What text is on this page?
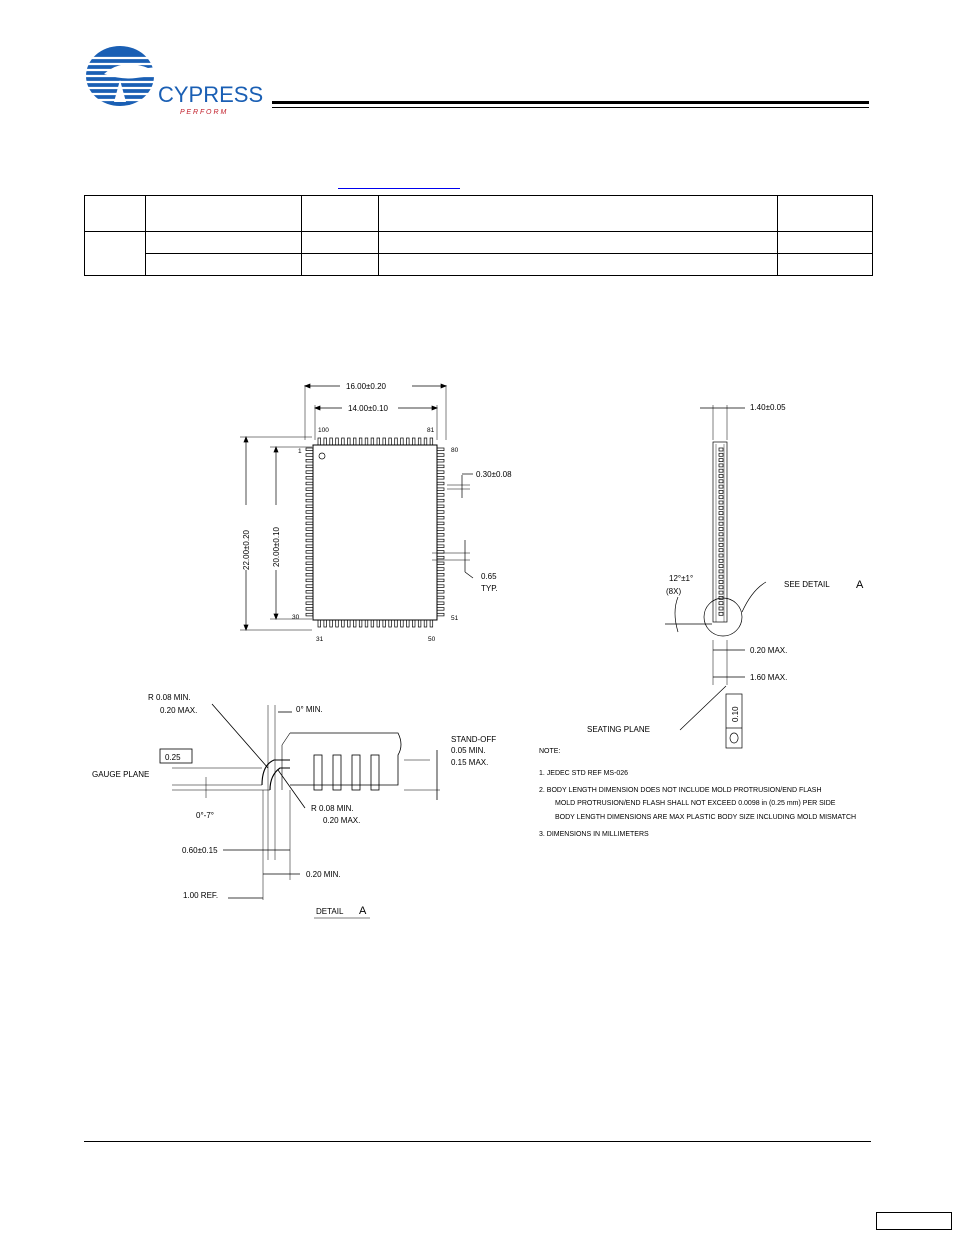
CYPRESS
P E R F O R M

16.00±0.20
14.00±0.10
22.00±0.20	20.00±0.10
0.30±0.08
0.65
TYP.
100	81
1	80
30	51
31	50
1.40±0.05
12°±1°
(8X)
SEE DETAIL A
0.20 MAX.
1.60 MAX.
SEATING PLANE
0.10
R 0.08 MIN.
0.20 MAX.	0° MIN.
STAND-OFF
0.05 MIN.
0.15 MAX.
0.25
GAUGE PLANE
0°-7°
R 0.08 MIN.
0.20 MAX.
0.60±0.15
0.20 MIN.
1.00 REF.
DETAIL A
NOTE:
1. JEDEC STD REF MS-026
2. BODY LENGTH DIMENSION DOES NOT INCLUDE MOLD PROTRUSION/END FLASH
MOLD PROTRUSION/END FLASH SHALL NOT EXCEED 0.0098 in (0.25 mm) PER SIDE
BODY LENGTH DIMENSIONS ARE MAX PLASTIC BODY SIZE INCLUDING MOLD MISMATCH
3. DIMENSIONS IN MILLIMETERS
